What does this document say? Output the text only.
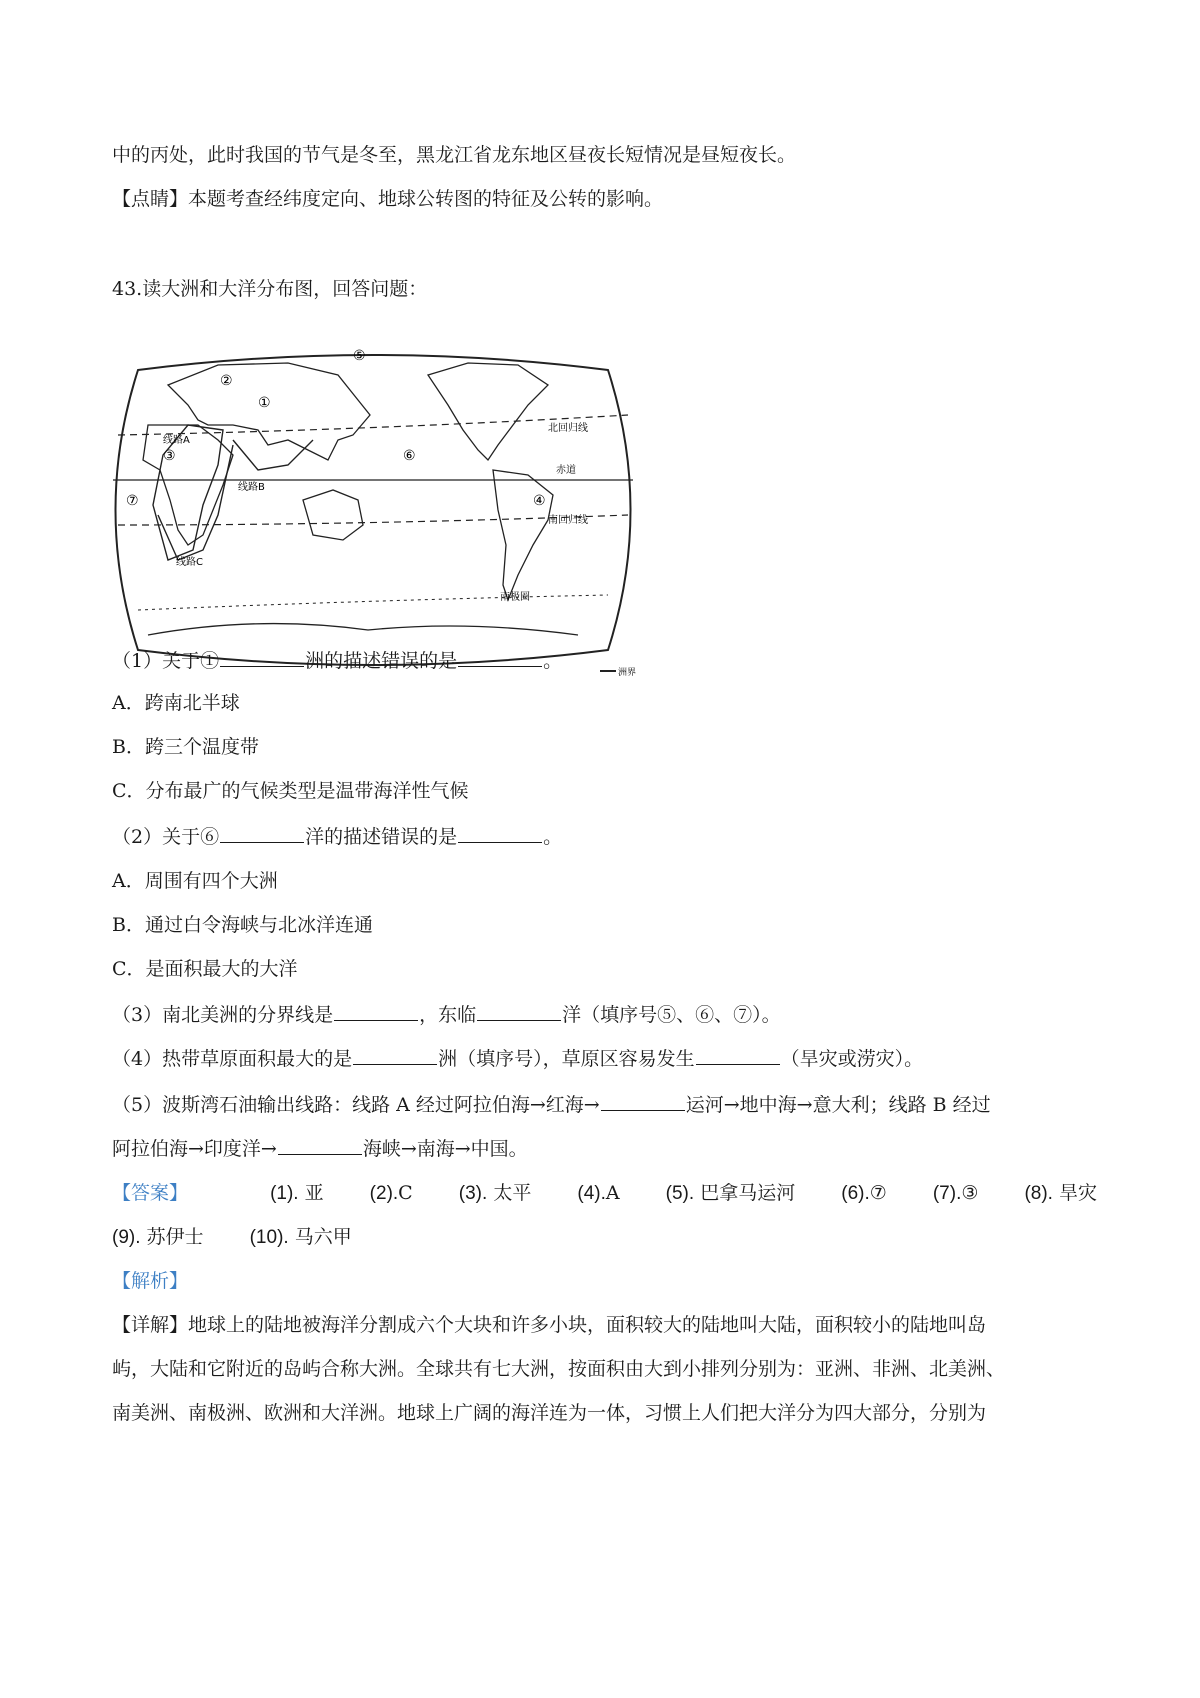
中的丙处，此时我国的节气是冬至，黑龙江省龙东地区昼夜长短情况是昼短夜长。
【点睛】本题考查经纬度定向、地球公转图的特征及公转的影响。
43.读大洲和大洋分布图，回答问题：
⑤
②
①
③	⑥
④
⑦
线路A
线路B
线路C
北回归线
赤道
南回归线
南极圈
洲界
（1）关于①	洲的描述错误的是	。
A．跨南北半球
B．跨三个温度带
C．分布最广的气候类型是温带海洋性气候
（2）关于⑥	洋的描述错误的是	。
A．周围有四个大洲
B．通过白令海峡与北冰洋连通
C．是面积最大的大洋
（3）南北美洲的分界线是	，东临	洋（填序号⑤、⑥、⑦）。
（4）热带草原面积最大的是	洲（填序号），草原区容易发生	（旱灾或涝灾）。
（5）波斯湾石油输出线路：线路 A 经过阿拉伯海→红海→	运河→地中海→意大利；线路 B 经过
阿拉伯海→印度洋→	海峡→南海→中国。
【答案】	(1). 亚 (2).C (3). 太平 (4).A (5). 巴拿马运河 (6).⑦ (7).③ (8). 旱灾
(9). 苏伊士 (10). 马六甲
【解析】
【详解】地球上的陆地被海洋分割成六个大块和许多小块，面积较大的陆地叫大陆，面积较小的陆地叫岛
屿，大陆和它附近的岛屿合称大洲。全球共有七大洲，按面积由大到小排列分别为：亚洲、非洲、北美洲、
南美洲、南极洲、欧洲和大洋洲。地球上广阔的海洋连为一体，习惯上人们把大洋分为四大部分，分别为
